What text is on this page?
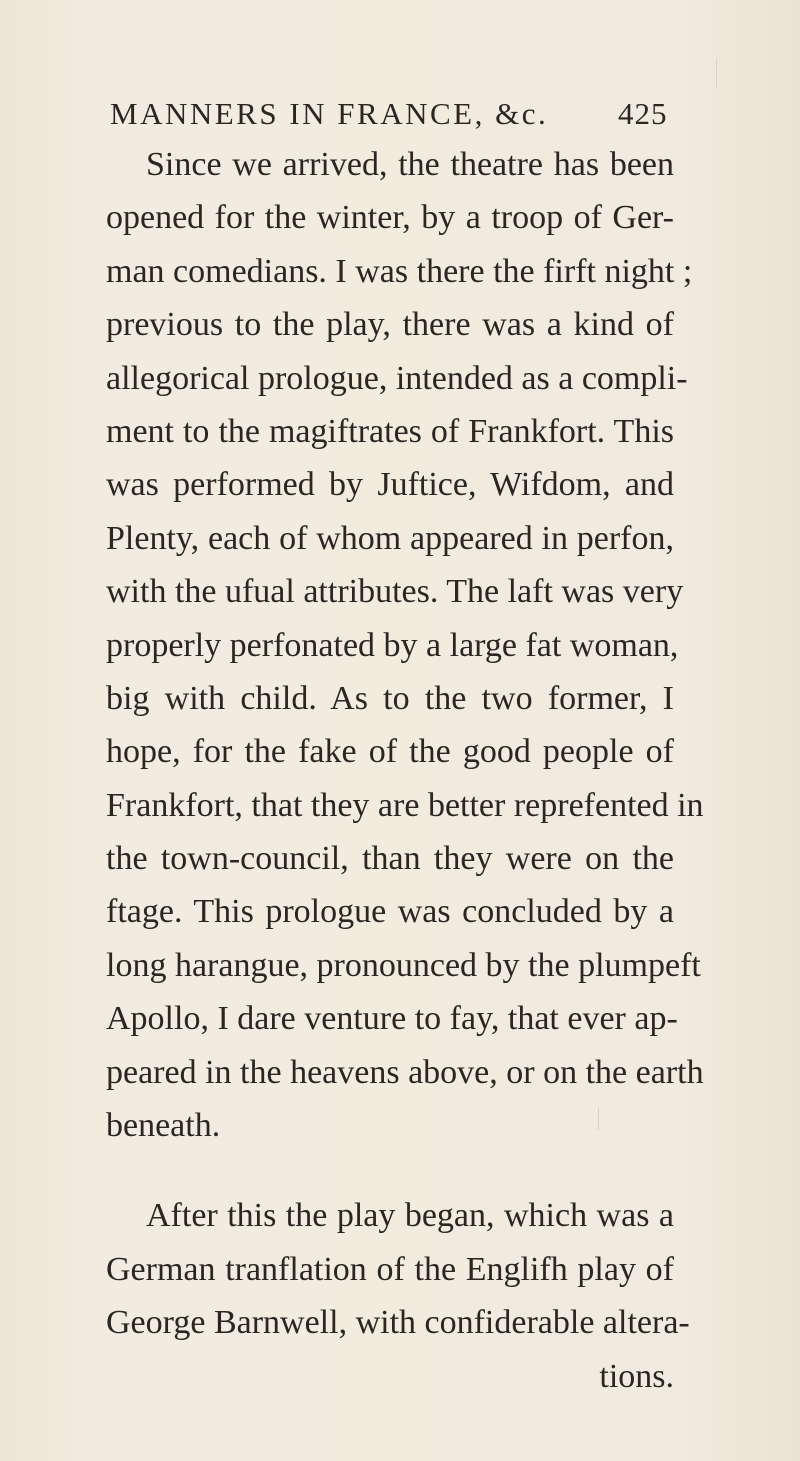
MANNERS IN FRANCE, &c. 425
Since we arrived, the theatre has been
opened for the winter, by a troop of Ger-
man comedians. I was there the firft night ;
previous to the play, there was a kind of
allegorical prologue, intended as a compli-
ment to the magiftrates of Frankfort. This
was performed by Juftice, Wifdom, and
Plenty, each of whom appeared in perfon,
with the ufual attributes. The laft was very
properly perfonated by a large fat woman,
big with child. As to the two former, I
hope, for the fake of the good people of
Frankfort, that they are better reprefented in
the town-council, than they were on the
ftage. This prologue was concluded by a
long harangue, pronounced by the plumpeft
Apollo, I dare venture to fay, that ever ap-
peared in the heavens above, or on the earth
beneath.
After this the play began, which was a
German tranflation of the Englifh play of
George Barnwell, with confiderable altera-
tions.
